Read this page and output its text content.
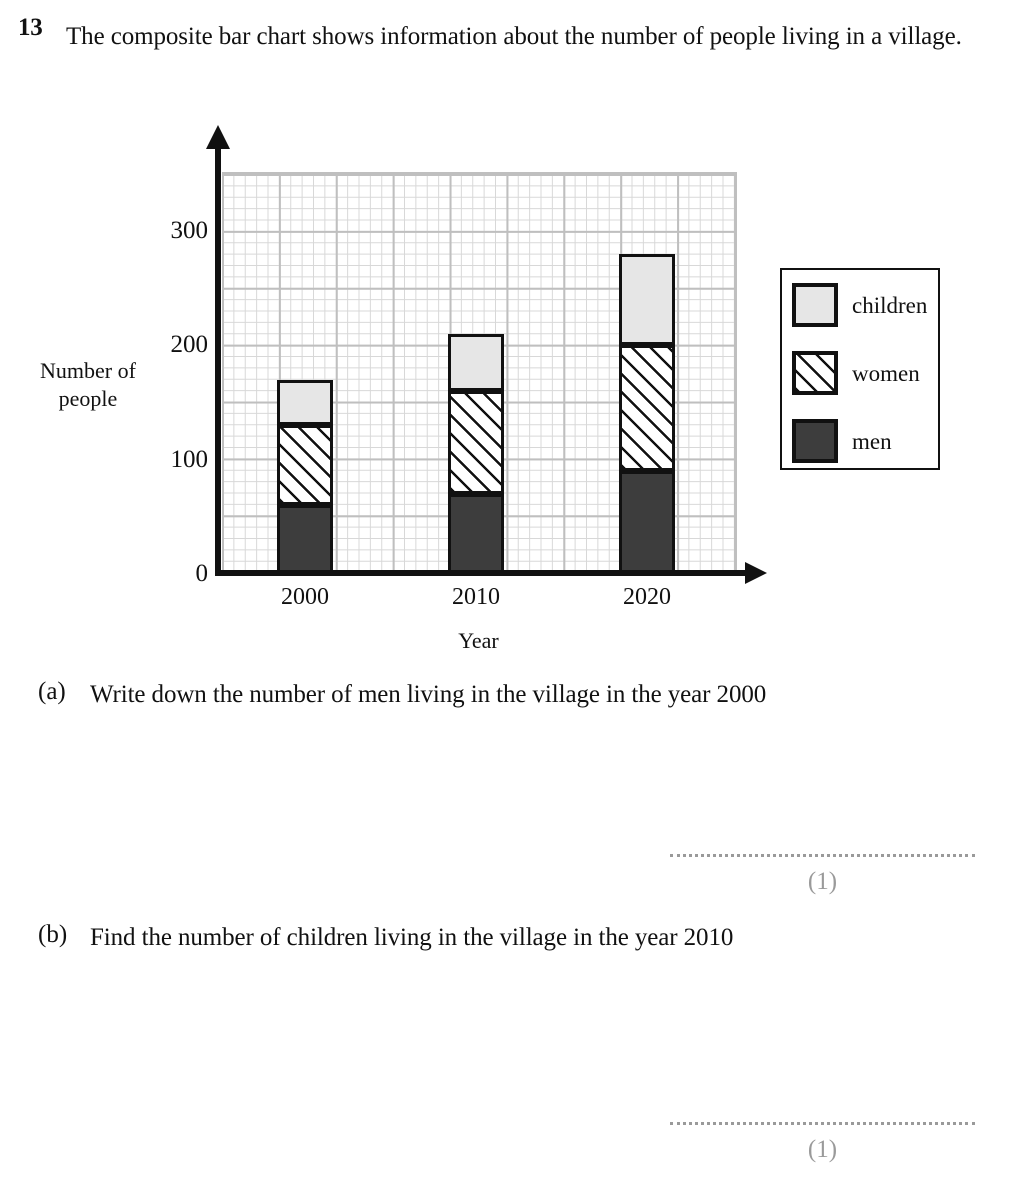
13 The composite bar chart shows information about the number of people living in a village.
300
200
100
0
Number of
people
2000	2010	2020
Year
children
women
men
(a) Write down the number of men living in the village in the year 2000
(1)
(b) Find the number of children living in the village in the year 2010
(1)
